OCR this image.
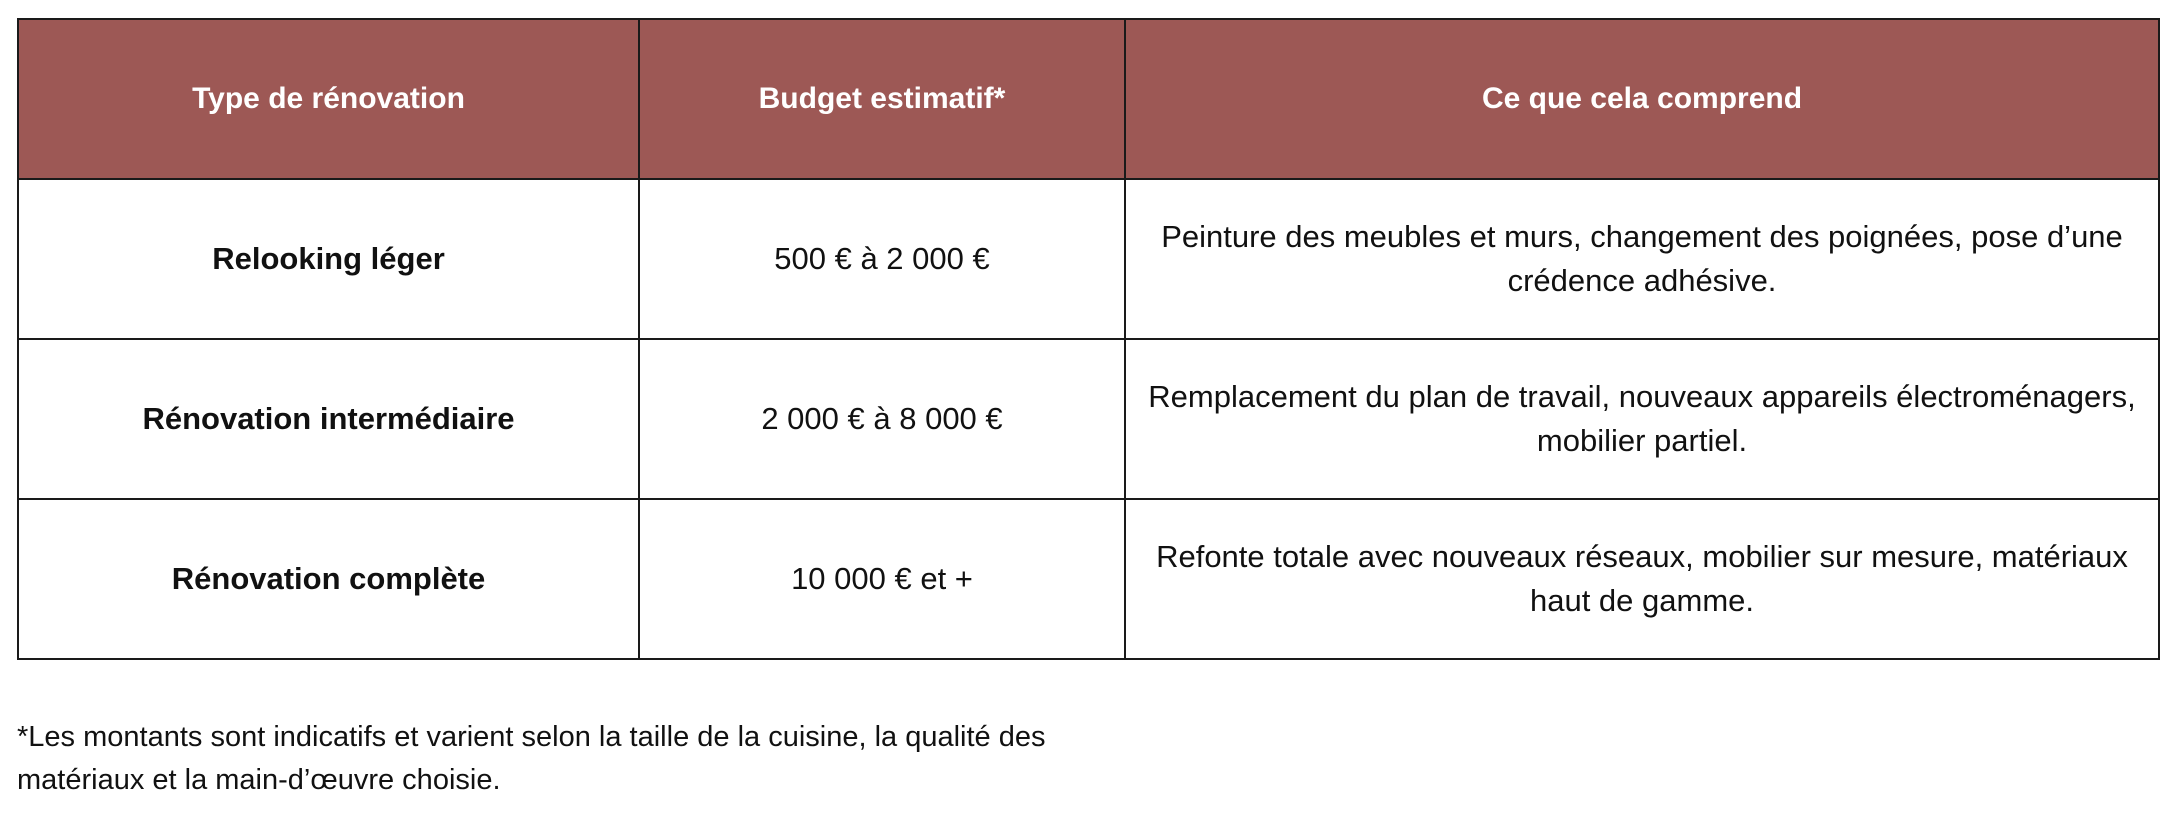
Type de rénovation	Budget estimatif*	Ce que cela comprend
Relooking léger	500 € à 2 000 €	Peinture des meubles et murs, changement des poignées, pose d’une crédence adhésive.
Rénovation intermédiaire	2 000 € à 8 000 €	Remplacement du plan de travail, nouveaux appareils électroménagers, mobilier partiel.
Rénovation complète	10 000 € et +	Refonte totale avec nouveaux réseaux, mobilier sur mesure, matériaux haut de gamme.
*Les montants sont indicatifs et varient selon la taille de la cuisine, la qualité des
matériaux et la main-d’œuvre choisie.
